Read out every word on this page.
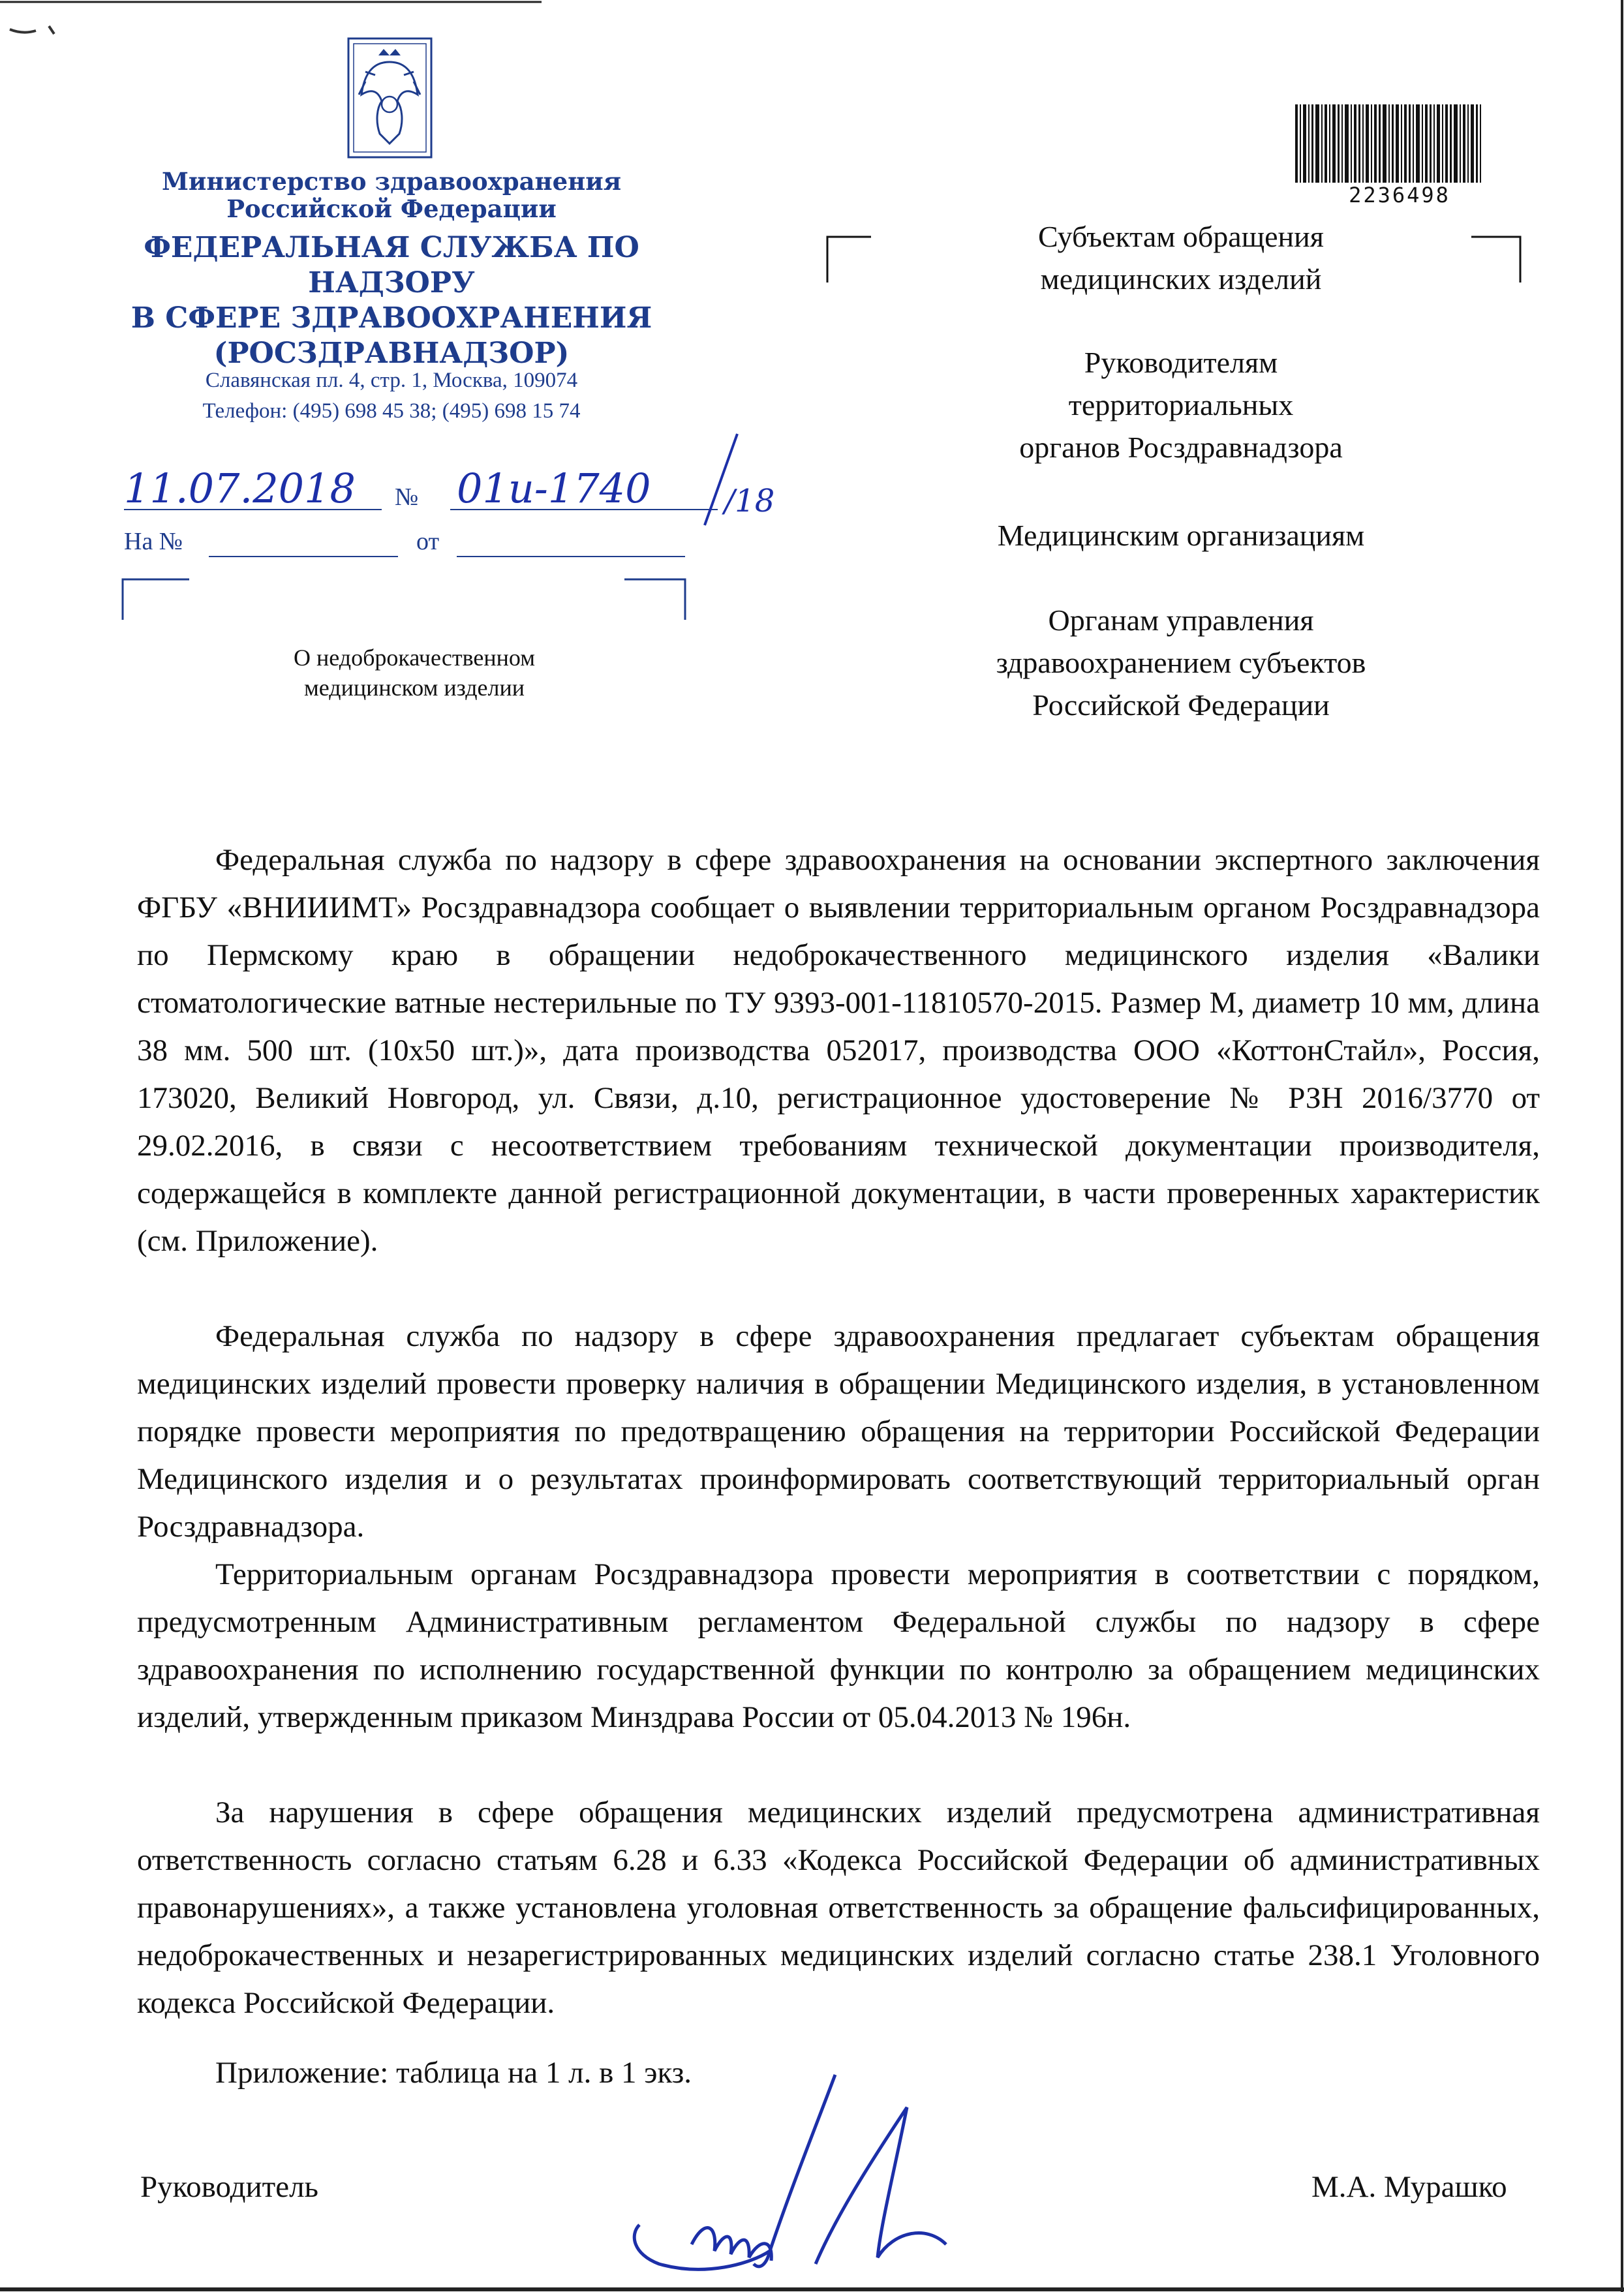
Министерство здравоохранения
Российской Федерации
ФЕДЕРАЛЬНАЯ СЛУЖБА ПО НАДЗОРУ
В СФЕРЕ ЗДРАВООХРАНЕНИЯ
(РОСЗДРАВНАДЗОР)
Славянская пл. 4, стр. 1, Москва, 109074
Телефон: (495) 698 45 38; (495) 698 15 74
11.07.2018 № 01и-1740 /18
На №	от
О недоброкачественном
медицинском изделии
2236498
Субъектам обращения
медицинских изделий
Руководителям
территориальных
органов Росздравнадзора
Медицинским организациям
Органам управления
здравоохранением субъектов
Российской Федерации

Федеральная служба по надзору в сфере здравоохранения на основании экспертного заключения ФГБУ «ВНИИИМТ» Росздравнадзора сообщает о выявлении территориальным органом Росздравнадзора по Пермскому краю в обращении недоброкачественного медицинского изделия «Валики стоматологические ватные нестерильные по ТУ 9393-001-11810570-2015. Размер М, диаметр 10 мм, длина 38 мм. 500 шт. (10х50 шт.)», дата производства 052017, производства ООО «КоттонСтайл», Россия, 173020, Великий Новгород, ул. Связи, д.10, регистрационное удостоверение № РЗН 2016/3770 от 29.02.2016, в связи с несоответствием требованиям технической документации производителя, содержащейся в комплекте данной регистрационной документации, в части проверенных характеристик (см. Приложение).

Федеральная служба по надзору в сфере здравоохранения предлагает субъектам обращения медицинских изделий провести проверку наличия в обращении Медицинского изделия, в установленном порядке провести мероприятия по предотвращению обращения на территории Российской Федерации Медицинского изделия и о результатах проинформировать соответствующий территориальный орган Росздравнадзора.

Территориальным органам Росздравнадзора провести мероприятия в соответствии с порядком, предусмотренным Административным регламентом Федеральной службы по надзору в сфере здравоохранения по исполнению государственной функции по контролю за обращением медицинских изделий, утвержденным приказом Минздрава России от 05.04.2013 № 196н.

За нарушения в сфере обращения медицинских изделий предусмотрена административная ответственность согласно статьям 6.28 и 6.33 «Кодекса Российской Федерации об административных правонарушениях», а также установлена уголовная ответственность за обращение фальсифицированных, недоброкачественных и незарегистрированных медицинских изделий согласно статье 238.1 Уголовного кодекса Российской Федерации.

Приложение: таблица на 1 л. в 1 экз.
Руководитель	М.А. Мурашко
